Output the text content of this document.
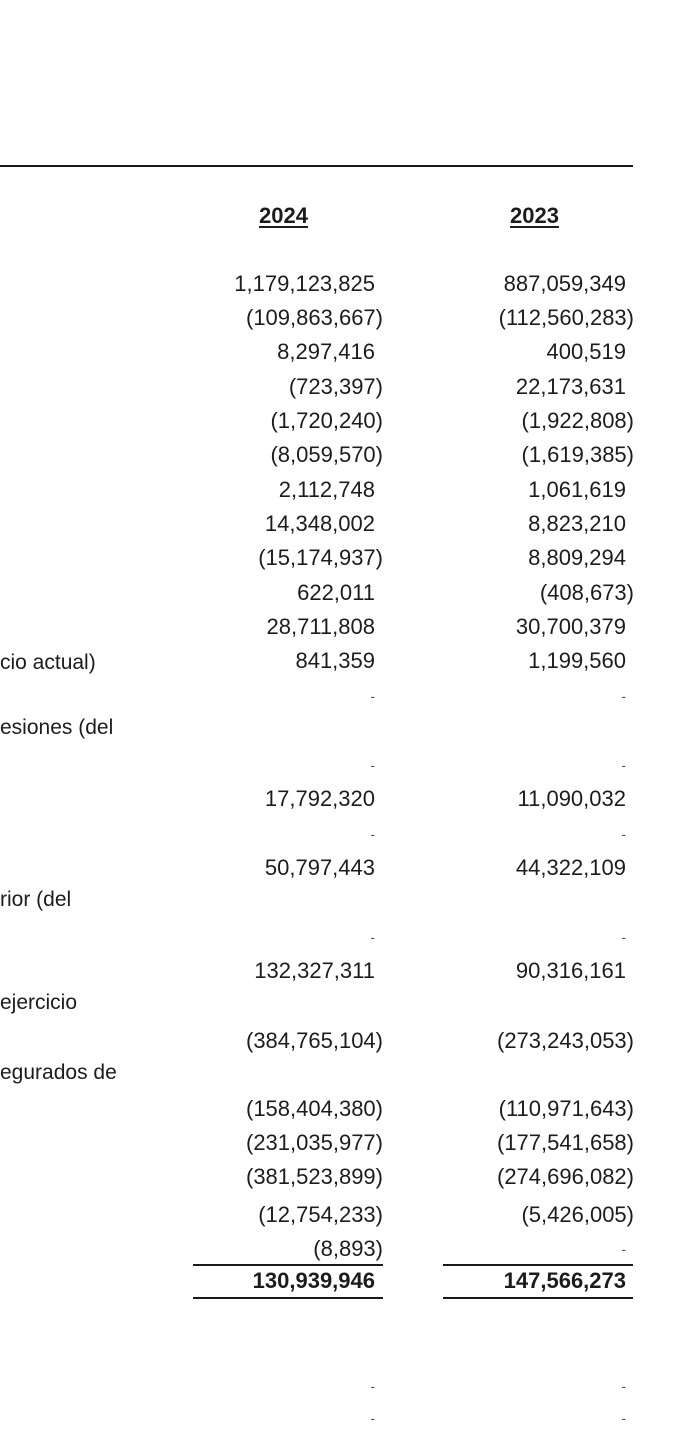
2024	2023
1,179,123,825	887,059,349
(109,863,667)	(112,560,283)
8,297,416	400,519
(723,397)	22,173,631
(1,720,240)	(1,922,808)
(8,059,570)	(1,619,385)
2,112,748	1,061,619
14,348,002	8,823,210
(15,174,937)	8,809,294
622,011	(408,673)
28,711,808	30,700,379
cio actual)	841,359	1,199,560
-	-
esiones (del
-	-
17,792,320	11,090,032
-	-
50,797,443	44,322,109
rior (del
-	-
132,327,311	90,316,161
ejercicio
(384,765,104)	(273,243,053)
egurados de
(158,404,380)	(110,971,643)
(231,035,977)	(177,541,658)
(381,523,899)	(274,696,082)
(12,754,233)	(5,426,005)
(8,893)	-
130,939,946	147,566,273
-	-
-	-
